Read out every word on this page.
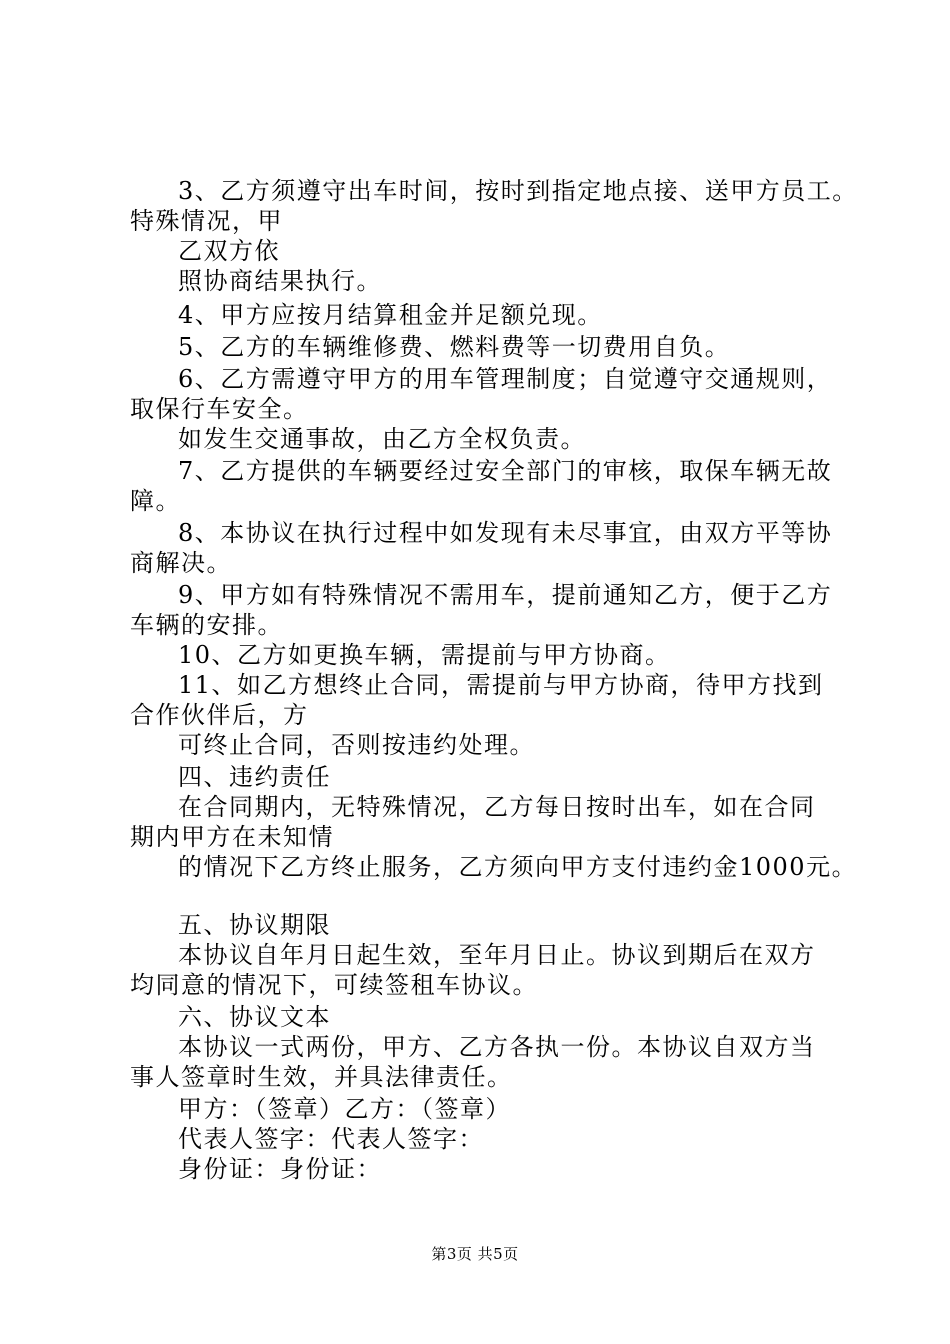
3、乙方须遵守出车时间，按时到指定地点接、送甲方员工。
特殊情况，甲
乙双方依
照协商结果执行。
4、甲方应按月结算租金并足额兑现。
5、乙方的车辆维修费、燃料费等一切费用自负。
6、乙方需遵守甲方的用车管理制度；自觉遵守交通规则，
取保行车安全。
如发生交通事故，由乙方全权负责。
7、乙方提供的车辆要经过安全部门的审核，取保车辆无故
障。
8、本协议在执行过程中如发现有未尽事宜，由双方平等协
商解决。
9、甲方如有特殊情况不需用车，提前通知乙方，便于乙方
车辆的安排。
10、乙方如更换车辆，需提前与甲方协商。
11、如乙方想终止合同，需提前与甲方协商，待甲方找到
合作伙伴后，方
可终止合同，否则按违约处理。
四、违约责任
在合同期内，无特殊情况，乙方每日按时出车，如在合同
期内甲方在未知情
的情况下乙方终止服务，乙方须向甲方支付违约金1000元。
五、协议期限
本协议自年月日起生效，至年月日止。协议到期后在双方
均同意的情况下，可续签租车协议。
六、协议文本
本协议一式两份，甲方、乙方各执一份。本协议自双方当
事人签章时生效，并具法律责任。
甲方：（签章）乙方：（签章）
代表人签字：代表人签字：
身份证：身份证：
第3页 共5页
